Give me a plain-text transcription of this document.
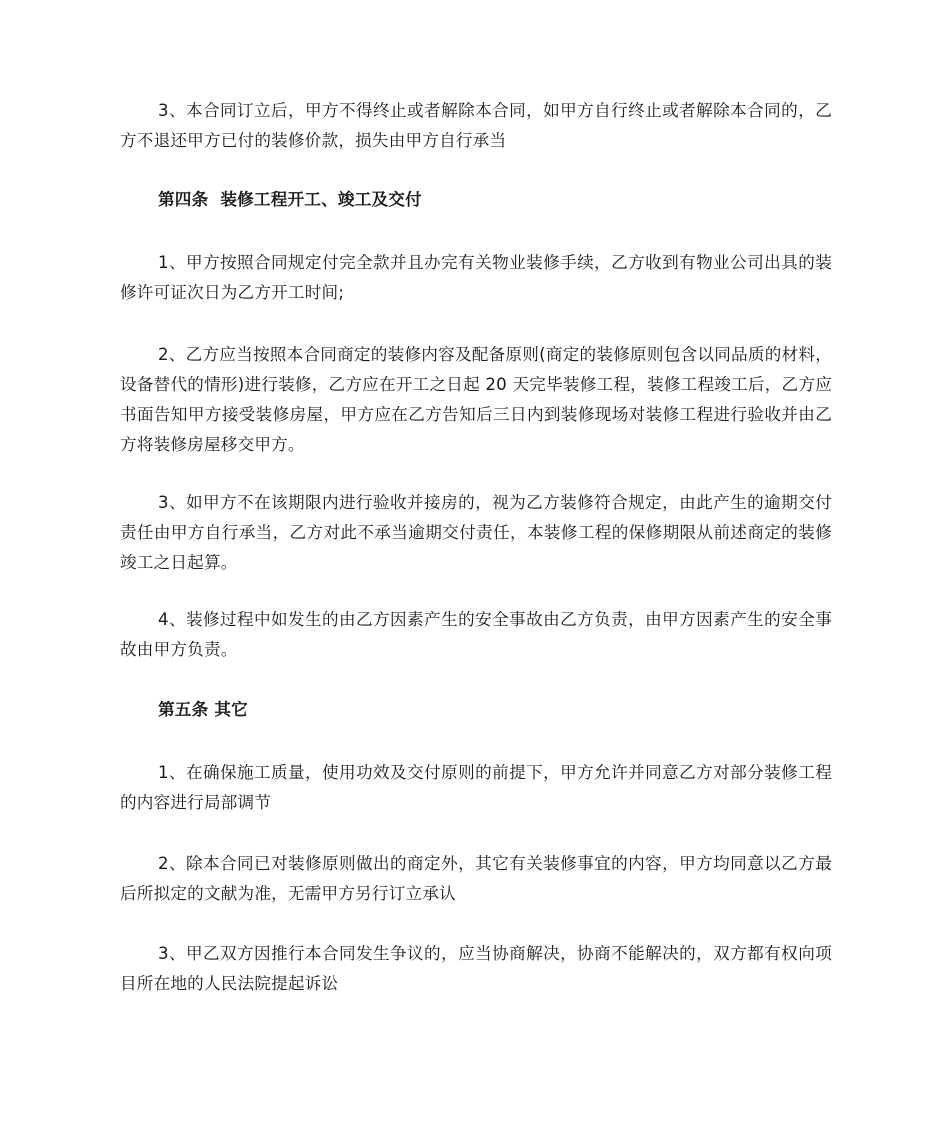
3、本合同订立后，甲方不得终止或者解除本合同，如甲方自行终止或者解除本合同的，乙方不退还甲方已付的装修价款，损失由甲方自行承当

第四条  装修工程开工、竣工及交付

1、甲方按照合同规定付完全款并且办完有关物业装修手续，乙方收到有物业公司出具的装修许可证次日为乙方开工时间;

2、乙方应当按照本合同商定的装修内容及配备原则(商定的装修原则包含以同品质的材料，设备替代的情形)进行装修，乙方应在开工之日起 20 天完毕装修工程，装修工程竣工后，乙方应书面告知甲方接受装修房屋，甲方应在乙方告知后三日内到装修现场对装修工程进行验收并由乙方将装修房屋移交甲方。

3、如甲方不在该期限内进行验收并接房的，视为乙方装修符合规定，由此产生的逾期交付责任由甲方自行承当，乙方对此不承当逾期交付责任，本装修工程的保修期限从前述商定的装修竣工之日起算。

4、装修过程中如发生的由乙方因素产生的安全事故由乙方负责，由甲方因素产生的安全事故由甲方负责。

第五条 其它

1、在确保施工质量，使用功效及交付原则的前提下，甲方允许并同意乙方对部分装修工程的内容进行局部调节

2、除本合同已对装修原则做出的商定外，其它有关装修事宜的内容，甲方均同意以乙方最后所拟定的文献为准，无需甲方另行订立承认

3、甲乙双方因推行本合同发生争议的，应当协商解决，协商不能解决的，双方都有权向项目所在地的人民法院提起诉讼
